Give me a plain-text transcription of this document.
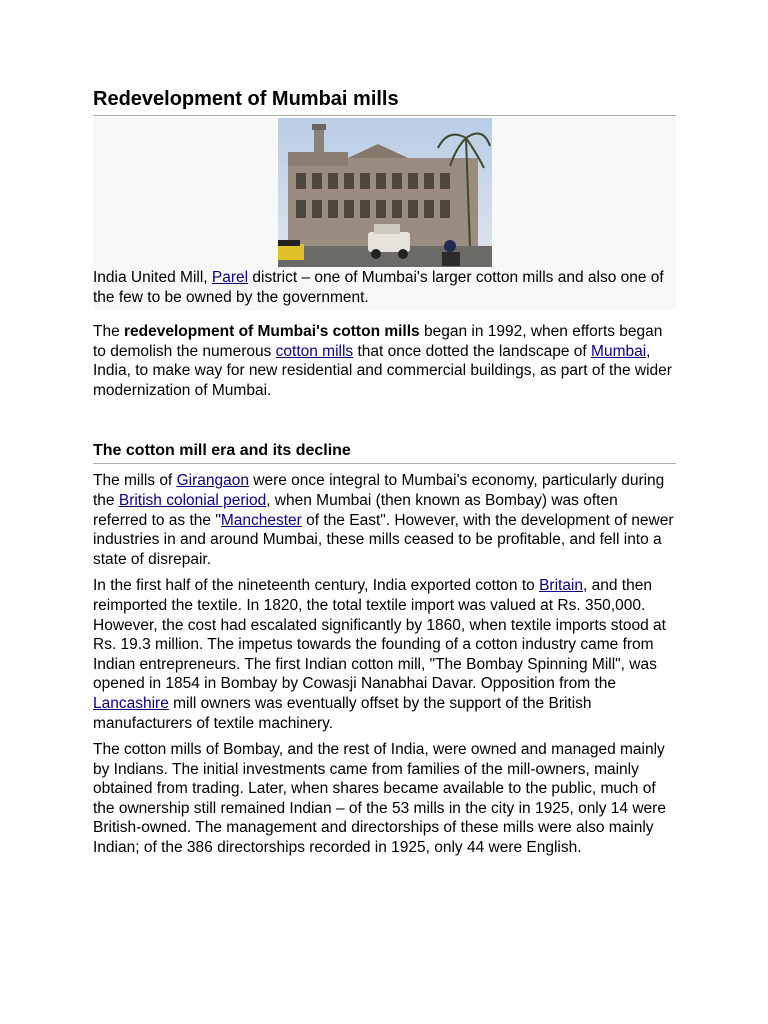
Redevelopment of Mumbai mills
India United Mill, Parel district – one of Mumbai's larger cotton mills and also one of the few to be owned by the government.

The redevelopment of Mumbai's cotton mills began in 1992, when efforts began to demolish the numerous cotton mills that once dotted the landscape of Mumbai, India, to make way for new residential and commercial buildings, as part of the wider modernization of Mumbai.

The cotton mill era and its decline

The mills of Girangaon were once integral to Mumbai's economy, particularly during the British colonial period, when Mumbai (then known as Bombay) was often referred to as the "Manchester of the East". However, with the development of newer industries in and around Mumbai, these mills ceased to be profitable, and fell into a state of disrepair.

In the first half of the nineteenth century, India exported cotton to Britain, and then reimported the textile. In 1820, the total textile import was valued at Rs. 350,000. However, the cost had escalated significantly by 1860, when textile imports stood at Rs. 19.3 million. The impetus towards the founding of a cotton industry came from Indian entrepreneurs. The first Indian cotton mill, "The Bombay Spinning Mill", was opened in 1854 in Bombay by Cowasji Nanabhai Davar. Opposition from the Lancashire mill owners was eventually offset by the support of the British manufacturers of textile machinery.

The cotton mills of Bombay, and the rest of India, were owned and managed mainly by Indians. The initial investments came from families of the mill-owners, mainly obtained from trading. Later, when shares became available to the public, much of the ownership still remained Indian – of the 53 mills in the city in 1925, only 14 were British-owned. The management and directorships of these mills were also mainly Indian; of the 386 directorships recorded in 1925, only 44 were English.
